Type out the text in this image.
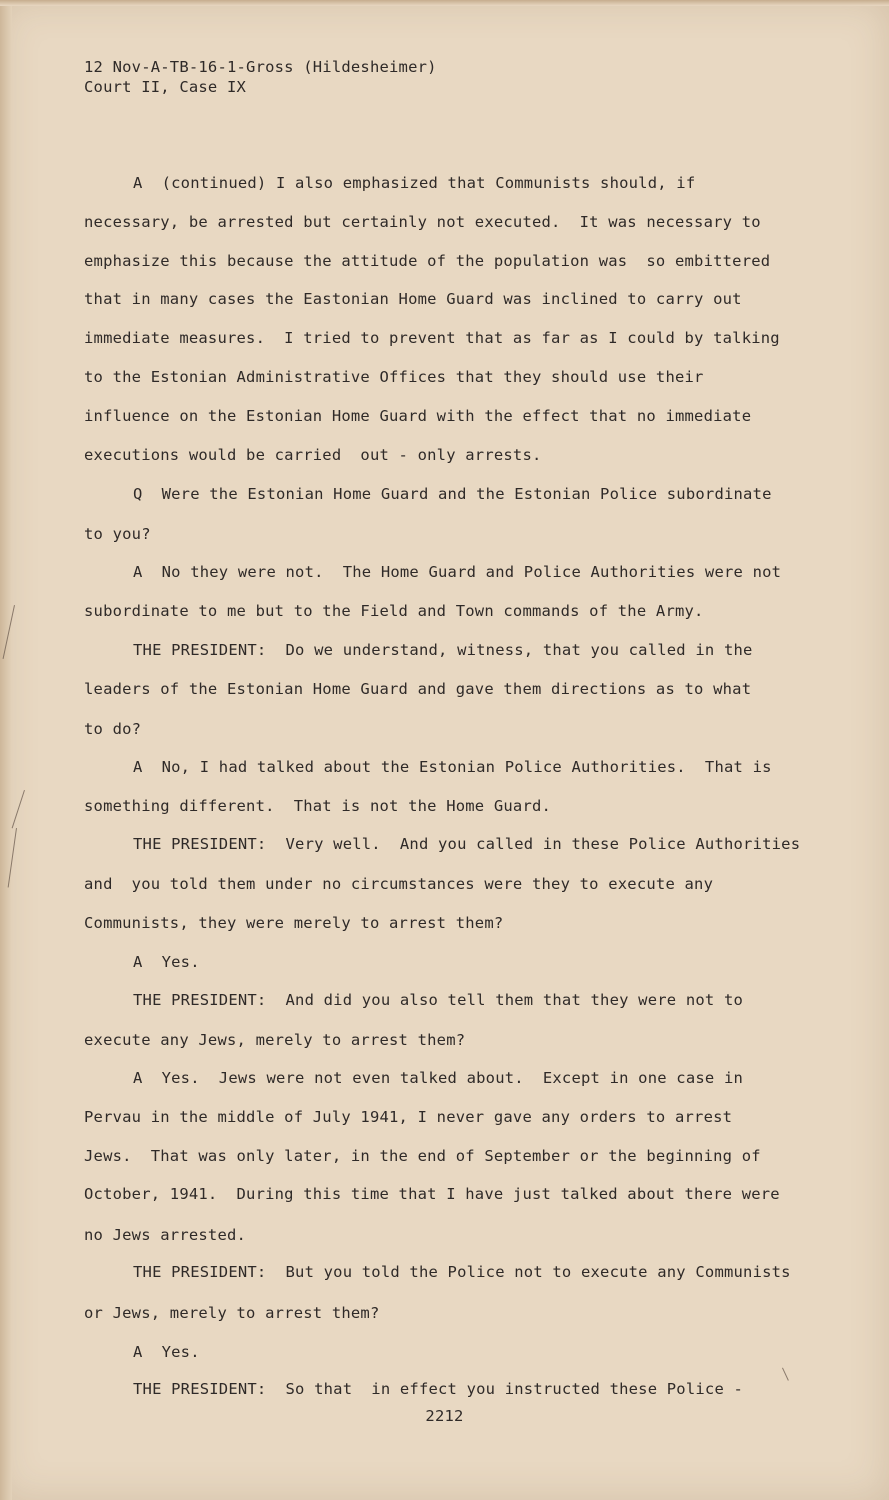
12 Nov-A-TB-16-1-Gross (Hildesheimer)
Court II, Case IX
A  (continued) I also emphasized that Communists should, if
necessary, be arrested but certainly not executed.  It was necessary to
emphasize this because the attitude of the population was  so embittered
that in many cases the Eastonian Home Guard was inclined to carry out
immediate measures.  I tried to prevent that as far as I could by talking
to the Estonian Administrative Offices that they should use their
influence on the Estonian Home Guard with the effect that no immediate
executions would be carried  out - only arrests.
Q  Were the Estonian Home Guard and the Estonian Police subordinate
to you?
A  No they were not.  The Home Guard and Police Authorities were not
subordinate to me but to the Field and Town commands of the Army.
THE PRESIDENT:  Do we understand, witness, that you called in the
leaders of the Estonian Home Guard and gave them directions as to what
to do?
A  No, I had talked about the Estonian Police Authorities.  That is
something different.  That is not the Home Guard.
THE PRESIDENT:  Very well.  And you called in these Police Authorities
and  you told them under no circumstances were they to execute any
Communists, they were merely to arrest them?
A  Yes.
THE PRESIDENT:  And did you also tell them that they were not to
execute any Jews, merely to arrest them?
A  Yes.  Jews were not even talked about.  Except in one case in
Pervau in the middle of July 1941, I never gave any orders to arrest
Jews.  That was only later, in the end of September or the beginning of
October, 1941.  During this time that I have just talked about there were
no Jews arrested.
THE PRESIDENT:  But you told the Police not to execute any Communists
or Jews, merely to arrest them?
A  Yes.
THE PRESIDENT:  So that  in effect you instructed these Police -
2212
